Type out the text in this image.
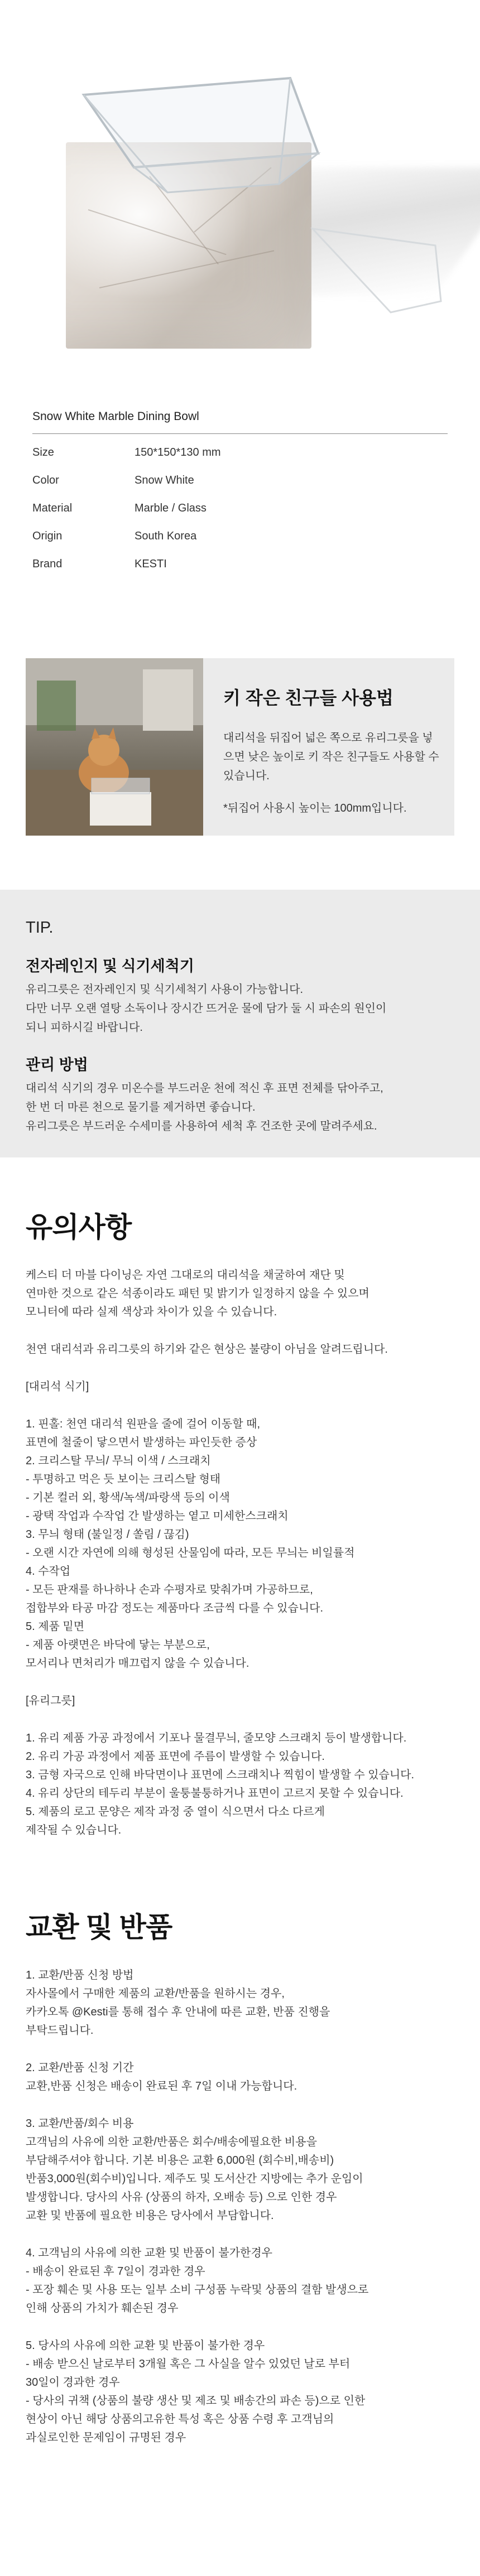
Snow White Marble Dining Bowl
Size	150*150*130 mm
Color	Snow White
Material	Marble / Glass
Origin	South Korea
Brand	KESTI
키 작은 친구들 사용법
대리석을 뒤집어 넓은 쪽으로 유리그릇을 넣으면 낮은 높이로 키 작은 친구들도 사용할 수 있습니다.
*뒤집어 사용시 높이는 100mm입니다.
TIP.
전자레인지 및 식기세척기
유리그릇은 전자레인지 및 식기세척기 사용이 가능합니다.
다만 너무 오랜 열탕 소독이나 장시간 뜨거운 물에 담가 둘 시 파손의 원인이
되니 피하시길 바랍니다.
관리 방법
대리석 식기의 경우 미온수를 부드러운 천에 적신 후 표면 전체를 닦아주고,
한 번 더 마른 천으로 물기를 제거하면 좋습니다.
유리그릇은 부드러운 수세미를 사용하여 세척 후 건조한 곳에 말려주세요.
유의사항
케스티 더 마블 다이닝은 자연 그대로의 대리석을 채굴하여 재단 및
연마한 것으로 같은 석종이라도 패턴 및 밝기가 일정하지 않을 수 있으며
모니터에 따라 실제 색상과 차이가 있을 수 있습니다.
천연 대리석과 유리그릇의 하기와 같은 현상은 불량이 아님을 알려드립니다.
[대리석 식기]
1. 핀홀: 천연 대리석 원판을 줄에 걸어 이동할 때,
표면에 철줄이 닿으면서 발생하는 파인듯한 증상
2. 크리스탈 무늬/ 무늬 이색 / 스크래치
- 투명하고 먹은 듯 보이는 크리스탈 형태
- 기본 컬러 외, 황색/녹색/파랑색 등의 이색
- 광택 작업과 수작업 간 발생하는 옅고 미세한스크래치
3. 무늬 형태 (불일정 / 쏠림 / 끊김)
- 오랜 시간 자연에 의해 형성된 산물임에 따라, 모든 무늬는 비일률적
4. 수작업
- 모든 판재를 하나하나 손과 수평자로 맞춰가며 가공하므로,
접합부와 타공 마감 정도는 제품마다 조금씩 다를 수 있습니다.
5. 제품 밑면
- 제품 아랫면은 바닥에 닿는 부분으로,
모서리나 면처리가 매끄럽지 않을 수 있습니다.
[유리그릇]
1. 유리 제품 가공 과정에서 기포나 물결무늬, 줄모양 스크래치 등이 발생합니다.
2. 유리 가공 과정에서 제품 표면에 주름이 발생할 수 있습니다.
3. 금형 자국으로 인해 바닥면이나 표면에 스크래치나 찍힘이 발생할 수 있습니다.
4. 유리 상단의 테두리 부분이 울퉁불퉁하거나 표면이 고르지 못할 수 있습니다.
5. 제품의 로고 문양은 제작 과정 중 열이 식으면서 다소 다르게
제작될 수 있습니다.
교환 및 반품
1. 교환/반품 신청 방법
자사몰에서 구매한 제품의 교환/반품을 원하시는 경우,
카카오톡 @Kesti를 통해 접수 후 안내에 따른 교환, 반품 진행을
부탁드립니다.
2. 교환/반품 신청 기간
교환,반품 신청은 배송이 완료된 후 7일 이내 가능합니다.
3. 교환/반품/회수 비용
고객님의 사유에 의한 교환/반품은 회수/배송에필요한 비용을
부담해주셔야 합니다. 기본 비용은 교환 6,000원 (회수비,배송비)
반품3,000원(회수비)입니다. 제주도 및 도서산간 지방에는 추가 운임이
발생합니다. 당사의 사유 (상품의 하자, 오배송 등) 으로 인한 경우
교환 및 반품에 필요한 비용은 당사에서 부담합니다.
4. 고객님의 사유에 의한 교환 및 반품이 불가한경우
- 배송이 완료된 후 7일이 경과한 경우
- 포장 훼손 및 사용 또는 일부 소비 구성품 누락및 상품의 결함 발생으로
인해 상품의 가치가 훼손된 경우
5. 당사의 사유에 의한 교환 및 반품이 불가한 경우
- 배송 받으신 날로부터 3개월 혹은 그 사실을 알수 있었던 날로 부터
30일이 경과한 경우
- 당사의 귀책 (상품의 불량 생산 및 제조 및 배송간의 파손 등)으로 인한
현상이 아닌 해당 상품의고유한 특성 혹은 상품 수령 후 고객님의
과실로인한 문제임이 규명된 경우
